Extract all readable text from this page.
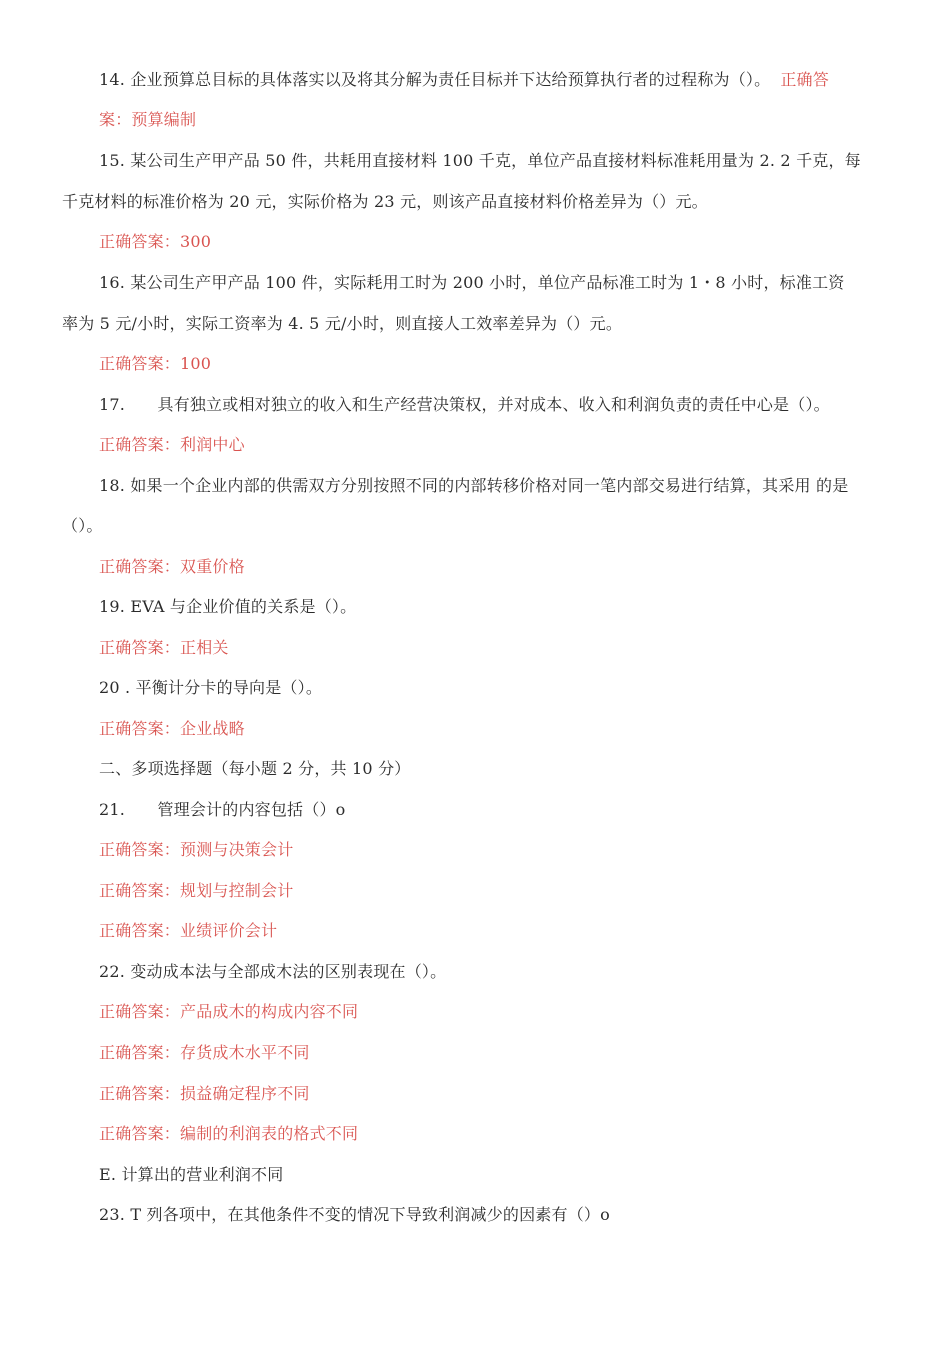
14. 企业预算总目标的具体落实以及将其分解为责任目标并下达给预算执行者的过程称为（）。 正确答
案：预算编制
15. 某公司生产甲产品 50 件，共耗用直接材料 100 千克，单位产品直接材料标准耗用量为 2. 2 千克，每
千克材料的标准价格为 20 元，实际价格为 23 元，则该产品直接材料价格差异为（）元。
正确答案：300
16. 某公司生产甲产品 100 件，实际耗用工时为 200 小时，单位产品标准工时为 1・8 小时，标准工资
率为 5 元/小时，实际工资率为 4. 5 元/小时，则直接人工效率差异为（）元。
正确答案：100
17.　　具有独立或相对独立的收入和生产经营决策权，并对成本、收入和利润负责的责任中心是（）。
正确答案：利润中心
18. 如果一个企业内部的供需双方分别按照不同的内部转移价格对同一笔内部交易进行结算，其采用 的是
（）。
正确答案：双重价格
19. EVA 与企业价值的关系是（）。
正确答案：正相关
20 . 平衡计分卡的导向是（）。
正确答案：企业战略
二、多项选择题（每小题 2 分，共 10 分）
21.　　管理会计的内容包括（）o
正确答案：预测与决策会计
正确答案：规划与控制会计
正确答案：业绩评价会计
22. 变动成本法与全部成木法的区别表现在（）。
正确答案：产品成木的构成内容不同
正确答案：存货成木水平不同
正确答案：损益确定程序不同
正确答案：编制的利润表的格式不同
E. 计算出的营业利润不同
23. T 列各项中，在其他条件不变的情况下导致利润减少的因素有（）o
